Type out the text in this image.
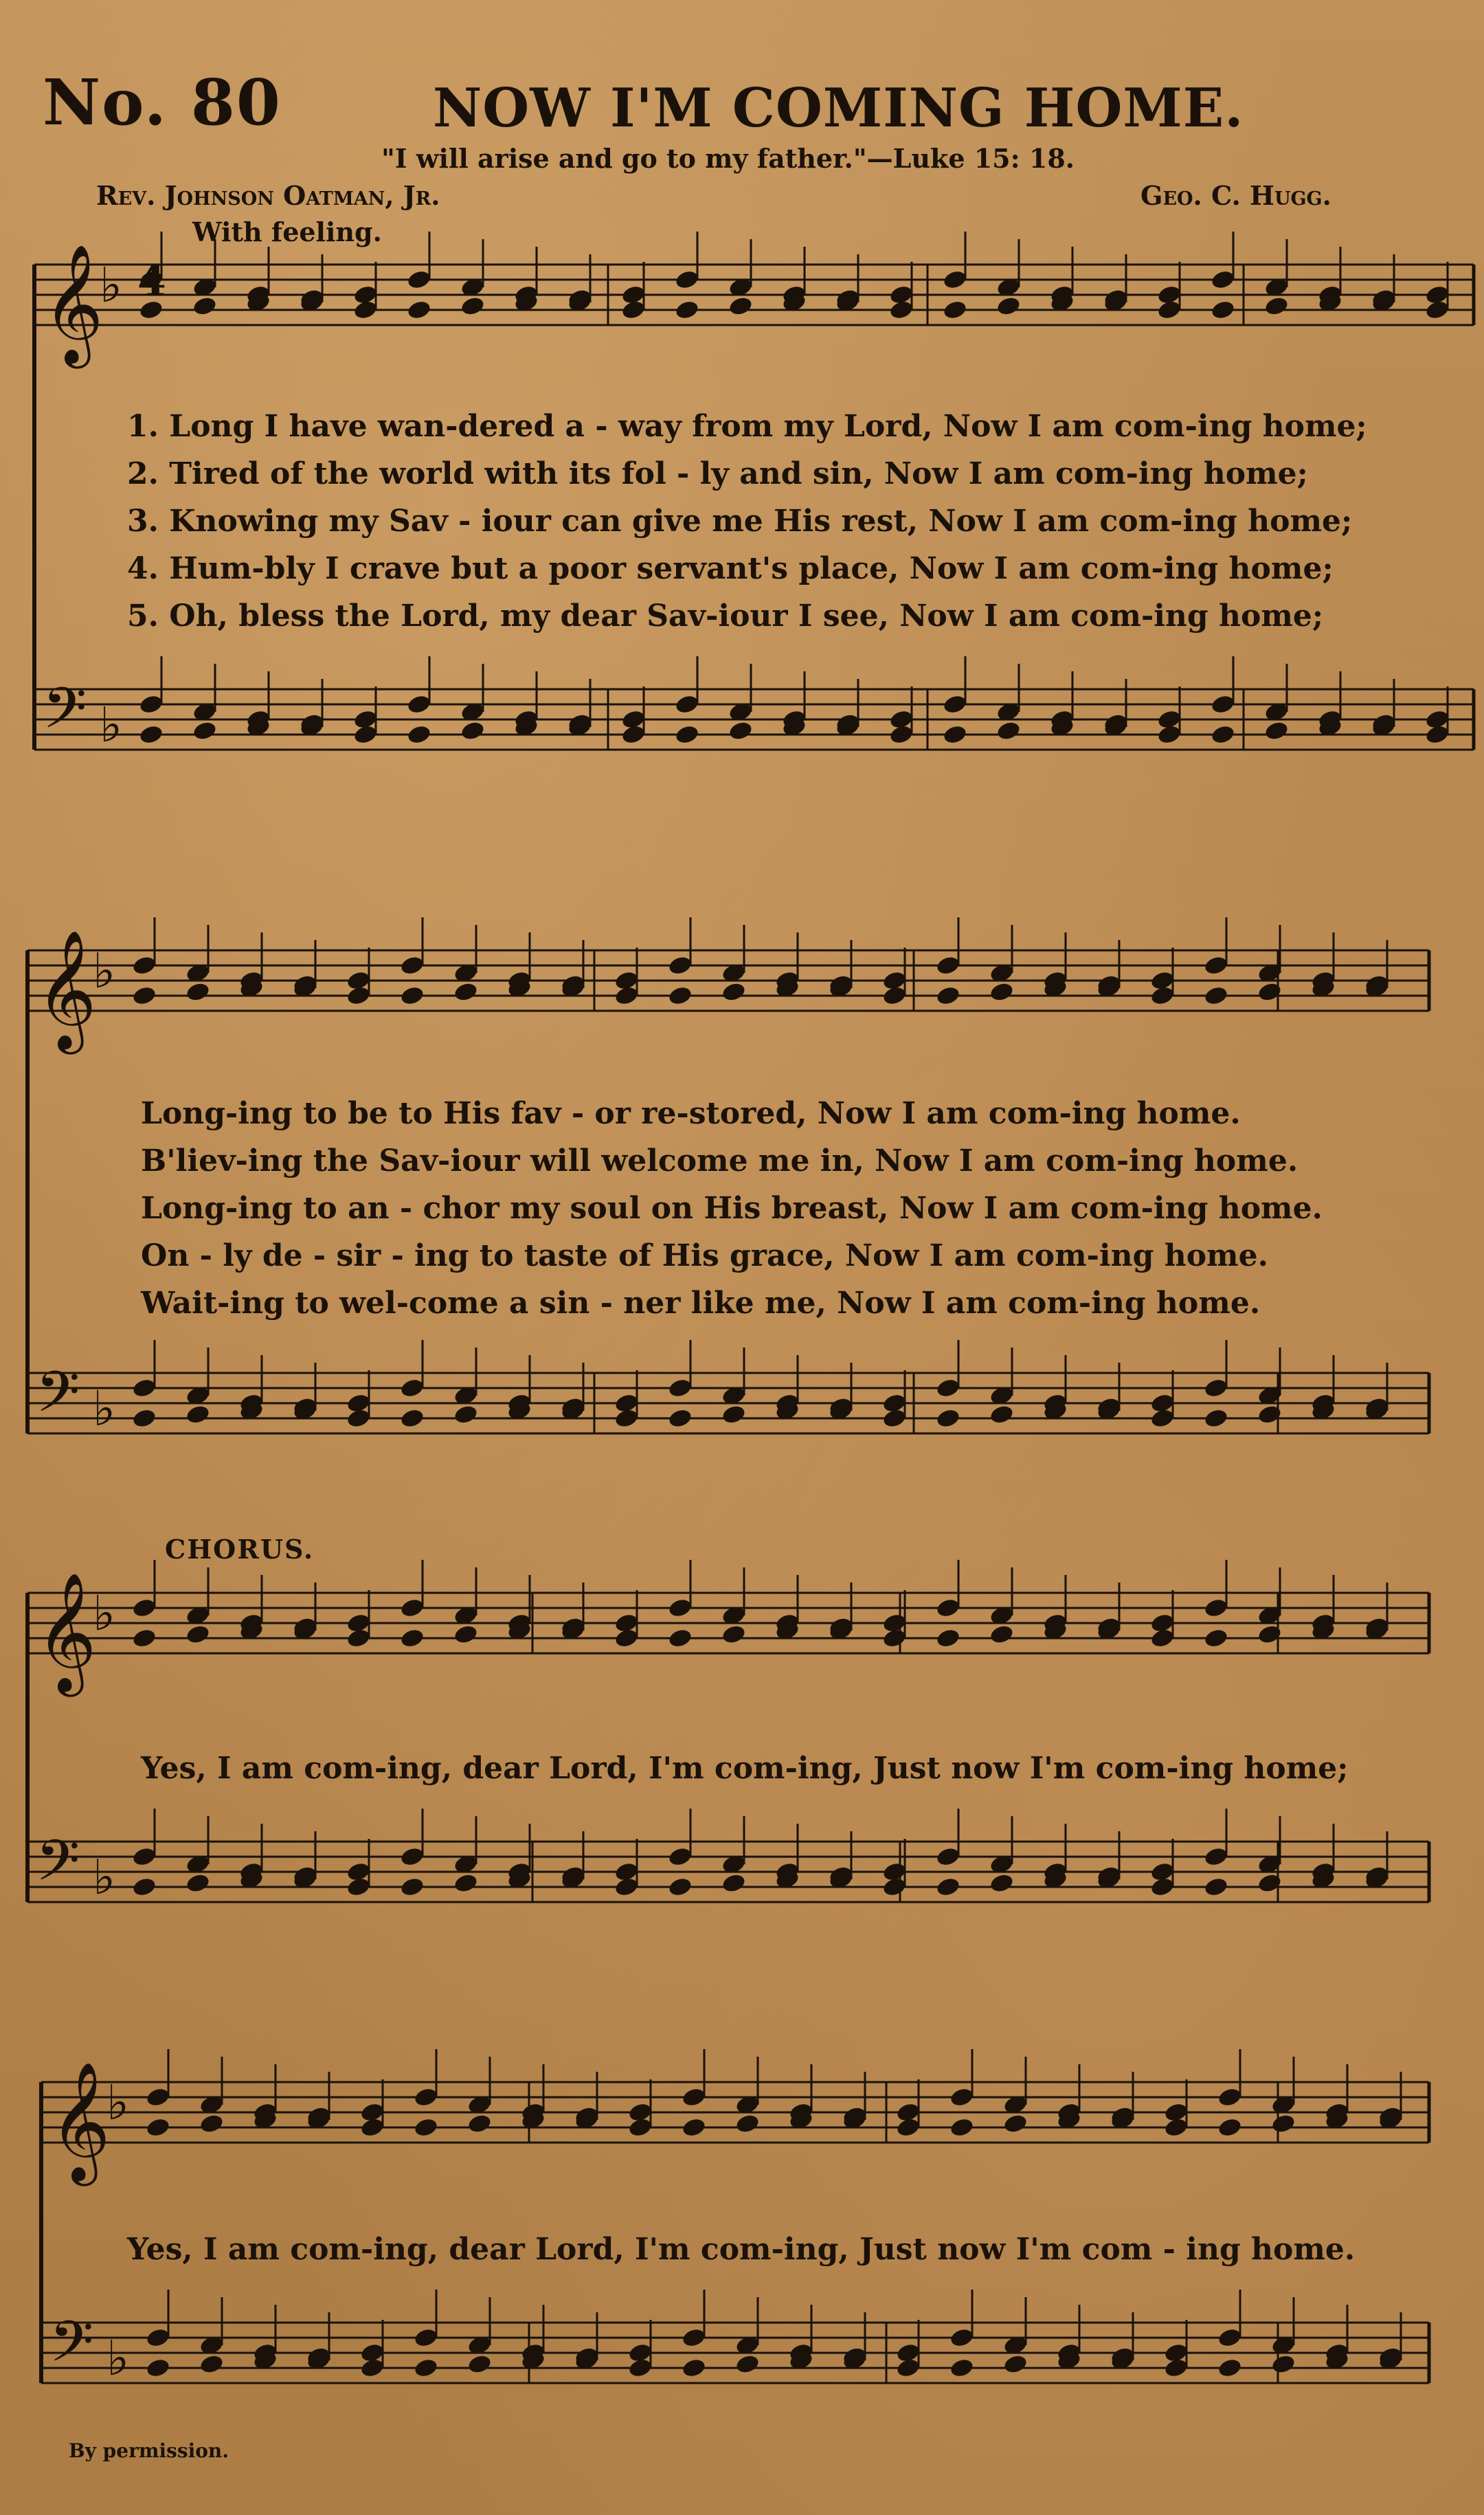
No. 80	NOW I'M COMING HOME.
"I will arise and go to my father."—Luke 15: 18.
Rev. Johnson Oatman, Jr.	Geo. C. Hugg.
With feeling.
𝄞
♭
𝄢 ♭
𝄞
♭
𝄢 ♭
𝄞
♭
𝄢 ♭
𝄞
♭
𝄢 ♭
4
1. Long I have wan-dered a - way from my Lord, Now I am com-ing home;
2. Tired of the world with its fol - ly and sin, Now I am com-ing home;
3. Knowing my Sav - iour can give me His rest, Now I am com-ing home;
4. Hum-bly I crave but a poor servant's place, Now I am com-ing home;
5. Oh, bless the Lord, my dear Sav-iour I see, Now I am com-ing home;
Long-ing to be to His fav - or re-stored, Now I am com-ing home.
B'liev-ing the Sav-iour will welcome me in, Now I am com-ing home.
Long-ing to an - chor my soul on His breast, Now I am com-ing home.
On - ly de - sir - ing to taste of His grace, Now I am com-ing home.
Wait-ing to wel-come a sin - ner like me, Now I am com-ing home.
CHORUS.
Yes, I am com-ing, dear Lord, I'm com-ing, Just now I'm com-ing home;
Yes, I am com-ing, dear Lord, I'm com-ing, Just now I'm com - ing home.
By permission.
